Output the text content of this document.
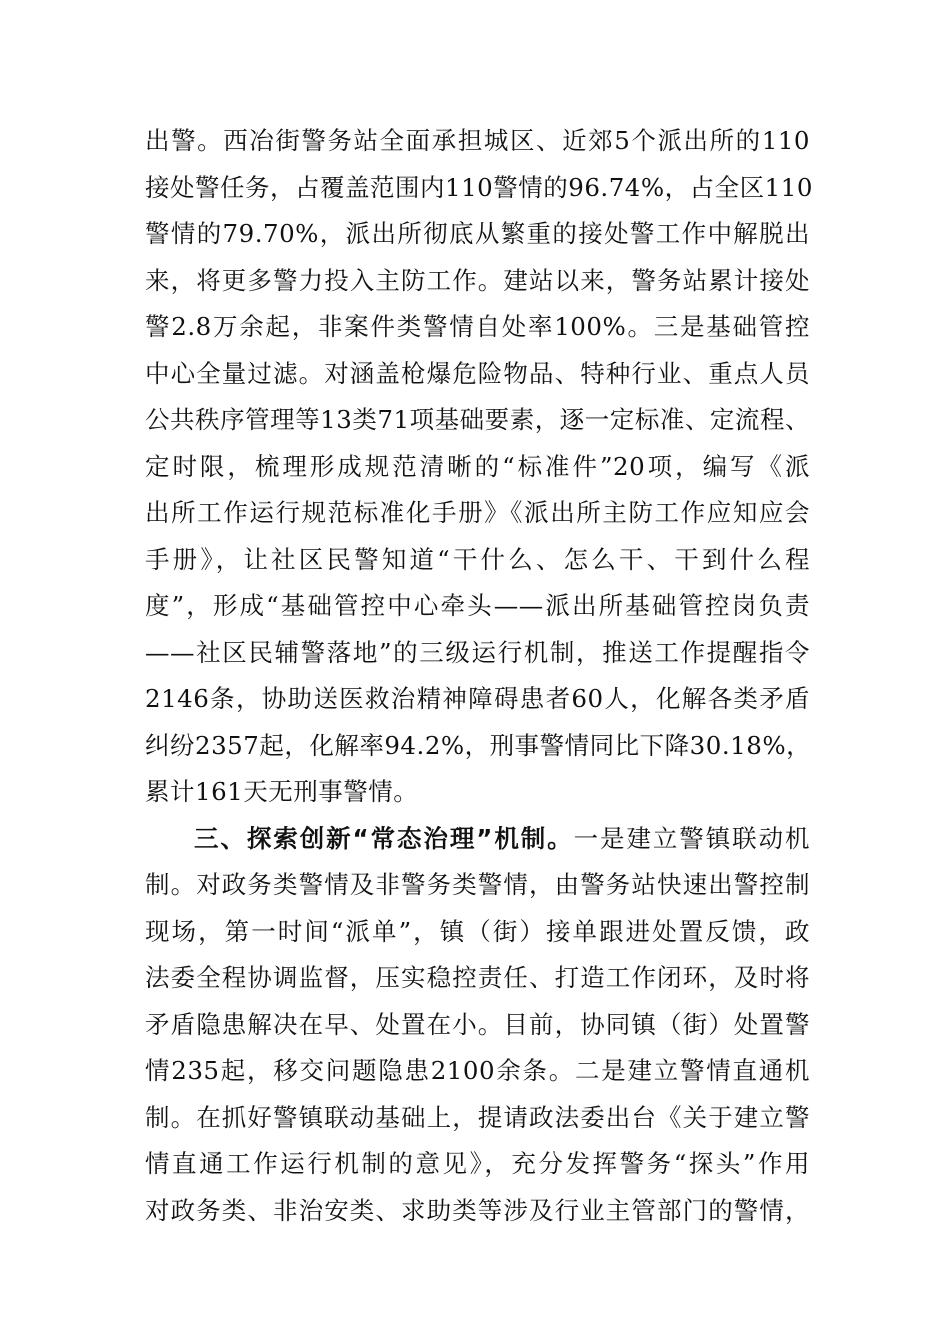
出警。西冶街警务站全面承担城区、近郊5个派出所的110
接处警任务，占覆盖范围内110警情的96.74%，占全区110
警情的79.70%，派出所彻底从繁重的接处警工作中解脱出
来，将更多警力投入主防工作。建站以来，警务站累计接处
警2.8万余起，非案件类警情自处率100%。三是基础管控
中心全量过滤。对涵盖枪爆危险物品、特种行业、重点人员
公共秩序管理等13类71项基础要素，逐一定标准、定流程、
定时限，梳理形成规范清晰的“标准件”20项，编写《派
出所工作运行规范标准化手册》《派出所主防工作应知应会
手册》，让社区民警知道“干什么、怎么干、干到什么程
度”，形成“基础管控中心牵头——派出所基础管控岗负责
——社区民辅警落地”的三级运行机制，推送工作提醒指令
2146条，协助送医救治精神障碍患者60人，化解各类矛盾
纠纷2357起，化解率94.2%，刑事警情同比下降30.18%，
累计161天无刑事警情。
三、探索创新“常态治理”机制。一是建立警镇联动机
制。对政务类警情及非警务类警情，由警务站快速出警控制
现场，第一时间“派单”，镇（街）接单跟进处置反馈，政
法委全程协调监督，压实稳控责任、打造工作闭环，及时将
矛盾隐患解决在早、处置在小。目前，协同镇（街）处置警
情235起，移交问题隐患2100余条。二是建立警情直通机
制。在抓好警镇联动基础上，提请政法委出台《关于建立警
情直通工作运行机制的意见》，充分发挥警务“探头”作用
对政务类、非治安类、求助类等涉及行业主管部门的警情，
